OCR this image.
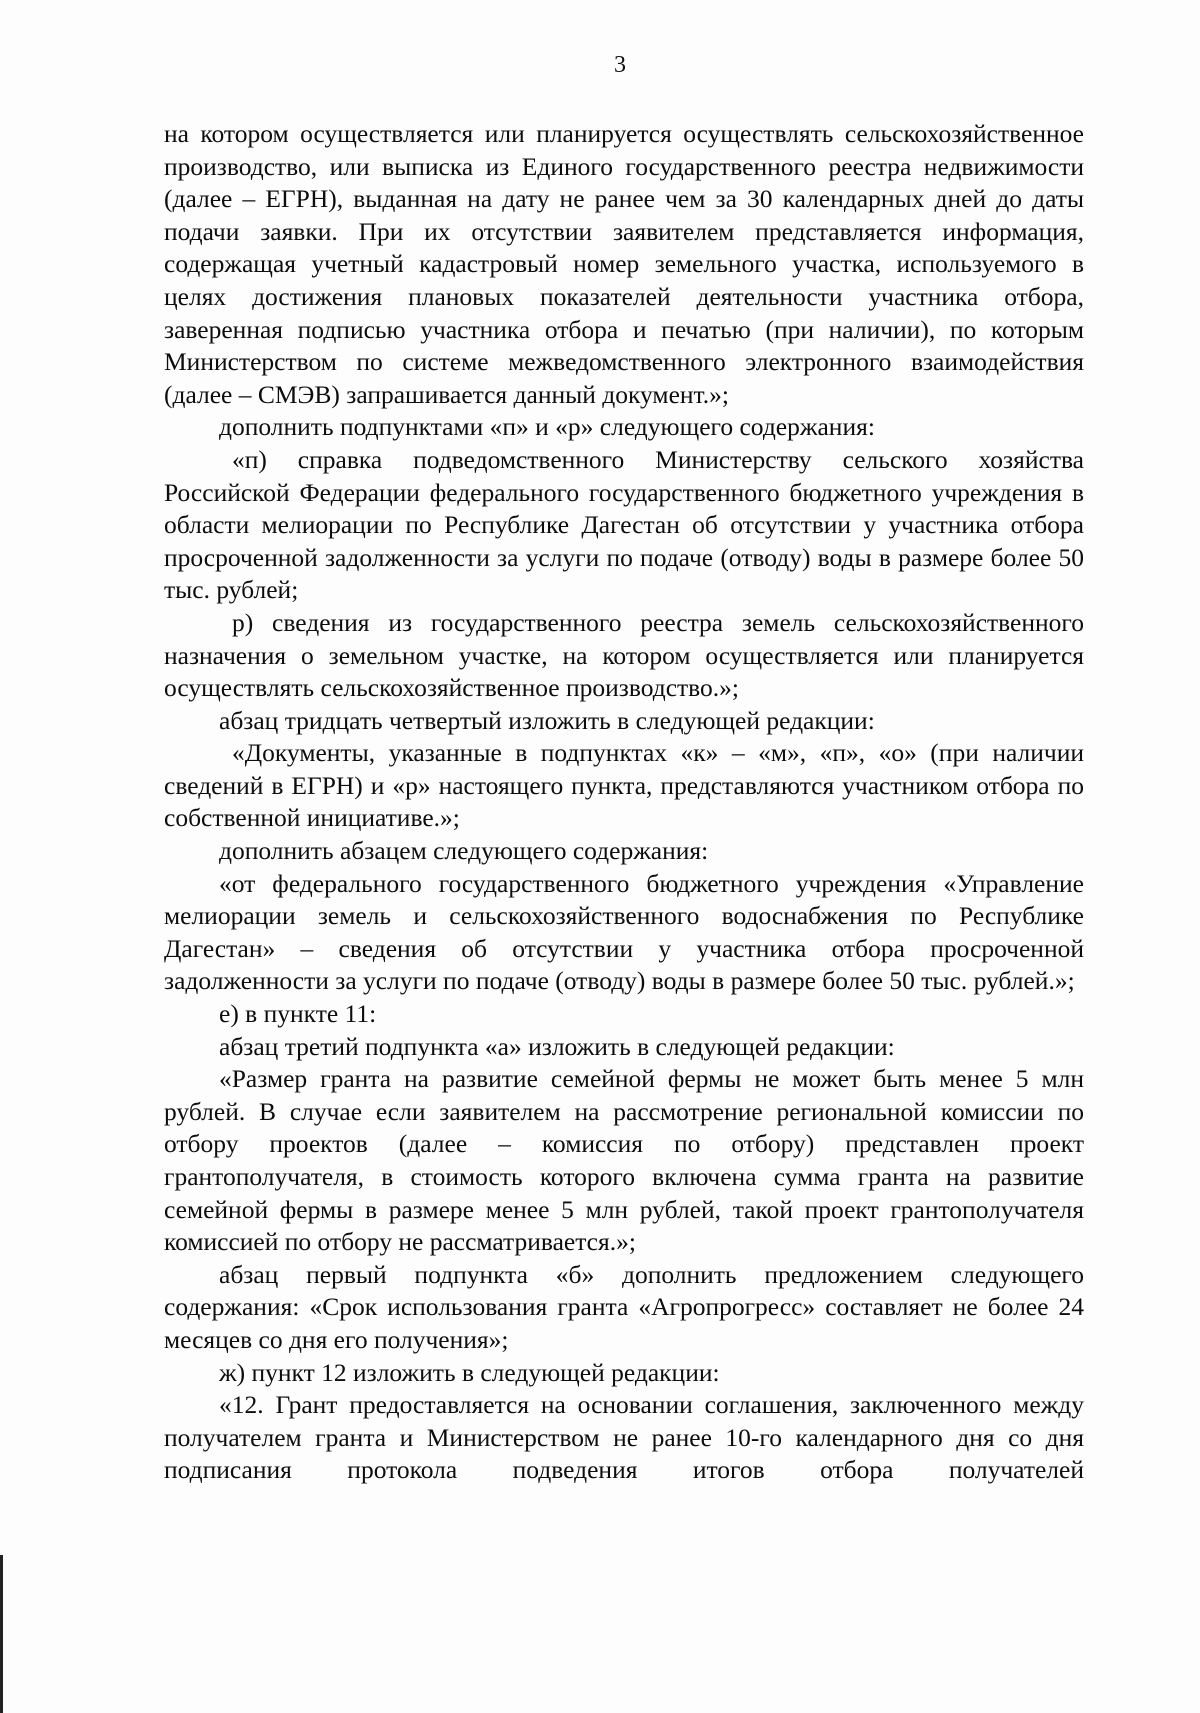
3

на котором осуществляется или планируется осуществлять сельскохозяйственное производство, или выписка из Единого государственного реестра недвижимости (далее – ЕГРН), выданная на дату не ранее чем за 30 календарных дней до даты подачи заявки. При их отсутствии заявителем представляется информация, содержащая учетный кадастровый номер земельного участка, используемого в целях достижения плановых показателей деятельности участника отбора, заверенная подписью участника отбора и печатью (при наличии), по которым Министерством по системе межведомственного электронного взаимодействия (далее – СМЭВ) запрашивается данный документ.»;

дополнить подпунктами «п» и «р» следующего содержания:

«п) справка подведомственного Министерству сельского хозяйства Российской Федерации федерального государственного бюджетного учреждения в области мелиорации по Республике Дагестан об отсутствии у участника отбора просроченной задолженности за услуги по подаче (отводу) воды в размере более 50 тыс. рублей;

р) сведения из государственного реестра земель сельскохозяйственного назначения о земельном участке, на котором осуществляется или планируется осуществлять сельскохозяйственное производство.»;

абзац тридцать четвертый изложить в следующей редакции:

«Документы, указанные в подпунктах «к» – «м», «п», «о» (при наличии сведений в ЕГРН) и «р» настоящего пункта, представляются участником отбора по собственной инициативе.»;

дополнить абзацем следующего содержания:

«от федерального государственного бюджетного учреждения «Управление мелиорации земель и сельскохозяйственного водоснабжения по Республике Дагестан» – сведения об отсутствии у участника отбора просроченной задолженности за услуги по подаче (отводу) воды в размере более 50 тыс. рублей.»;

е) в пункте 11:

абзац третий подпункта «а» изложить в следующей редакции:

«Размер гранта на развитие семейной фермы не может быть менее 5 млн рублей. В случае если заявителем на рассмотрение региональной комиссии по отбору проектов (далее – комиссия по отбору) представлен проект грантополучателя, в стоимость которого включена сумма гранта на развитие семейной фермы в размере менее 5 млн рублей, такой проект грантополучателя комиссией по отбору не рассматривается.»;

абзац первый подпункта «б» дополнить предложением следующего содержания: «Срок использования гранта «Агропрогресс» составляет не более 24 месяцев со дня его получения»;

ж) пункт 12 изложить в следующей редакции:

«12. Грант предоставляется на основании соглашения, заключенного между получателем гранта и Министерством не ранее 10-го календарного дня со дня подписания протокола подведения итогов отбора получателей
